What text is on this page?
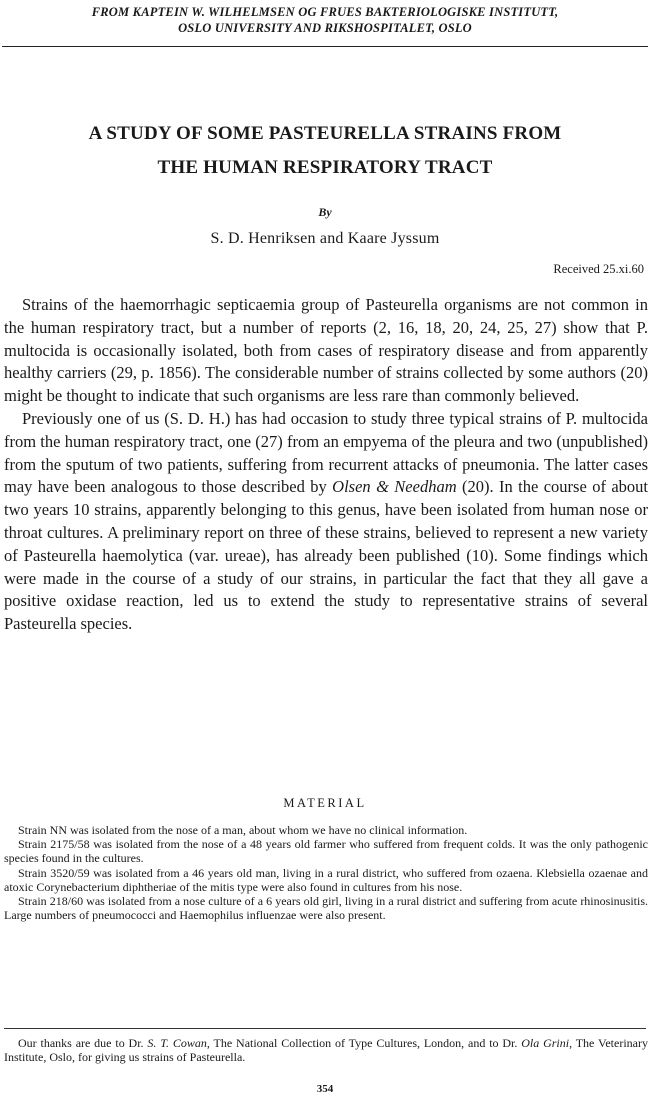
FROM KAPTEIN W. WILHELMSEN OG FRUES BAKTERIOLOGISKE INSTITUTT,
OSLO UNIVERSITY AND RIKSHOSPITALET, OSLO
A STUDY OF SOME PASTEURELLA STRAINS FROM
THE HUMAN RESPIRATORY TRACT
By
S. D. Henriksen and Kaare Jyssum
Received 25.xi.60

Strains of the haemorrhagic septicaemia group of Pasteurella organisms are not common in the human respiratory tract, but a number of reports (2, 16, 18, 20, 24, 25, 27) show that P. multocida is occasionally isolated, both from cases of respiratory disease and from apparently healthy carriers (29, p. 1856). The considerable number of strains collected by some authors (20) might be thought to indicate that such organisms are less rare than commonly believed.

Previously one of us (S. D. H.) has had occasion to study three typical strains of P. multocida from the human respiratory tract, one (27) from an empyema of the pleura and two (unpublished) from the sputum of two patients, suffering from recurrent attacks of pneumonia. The latter cases may have been analogous to those described by Olsen & Needham (20). In the course of about two years 10 strains, apparently belonging to this genus, have been isolated from human nose or throat cultures. A preliminary report on three of these strains, believed to represent a new variety of Pasteurella haemolytica (var. ureae), has already been published (10). Some findings which were made in the course of a study of our strains, in particular the fact that they all gave a positive oxidase reaction, led us to extend the study to representative strains of several Pasteurella species.

MATERIAL

Strain NN was isolated from the nose of a man, about whom we have no clinical information.

Strain 2175/58 was isolated from the nose of a 48 years old farmer who suffered from frequent colds. It was the only pathogenic species found in the cultures.

Strain 3520/59 was isolated from a 46 years old man, living in a rural district, who suffered from ozaena. Klebsiella ozaenae and atoxic Corynebacterium diphtheriae of the mitis type were also found in cultures from his nose.

Strain 218/60 was isolated from a nose culture of a 6 years old girl, living in a rural district and suffering from acute rhinosinusitis. Large numbers of pneumococci and Haemophilus influenzae were also present.

Our thanks are due to Dr. S. T. Cowan, The National Collection of Type Cultures, London, and to Dr. Ola Grini, The Veterinary Institute, Oslo, for giving us strains of Pasteurella.

354
